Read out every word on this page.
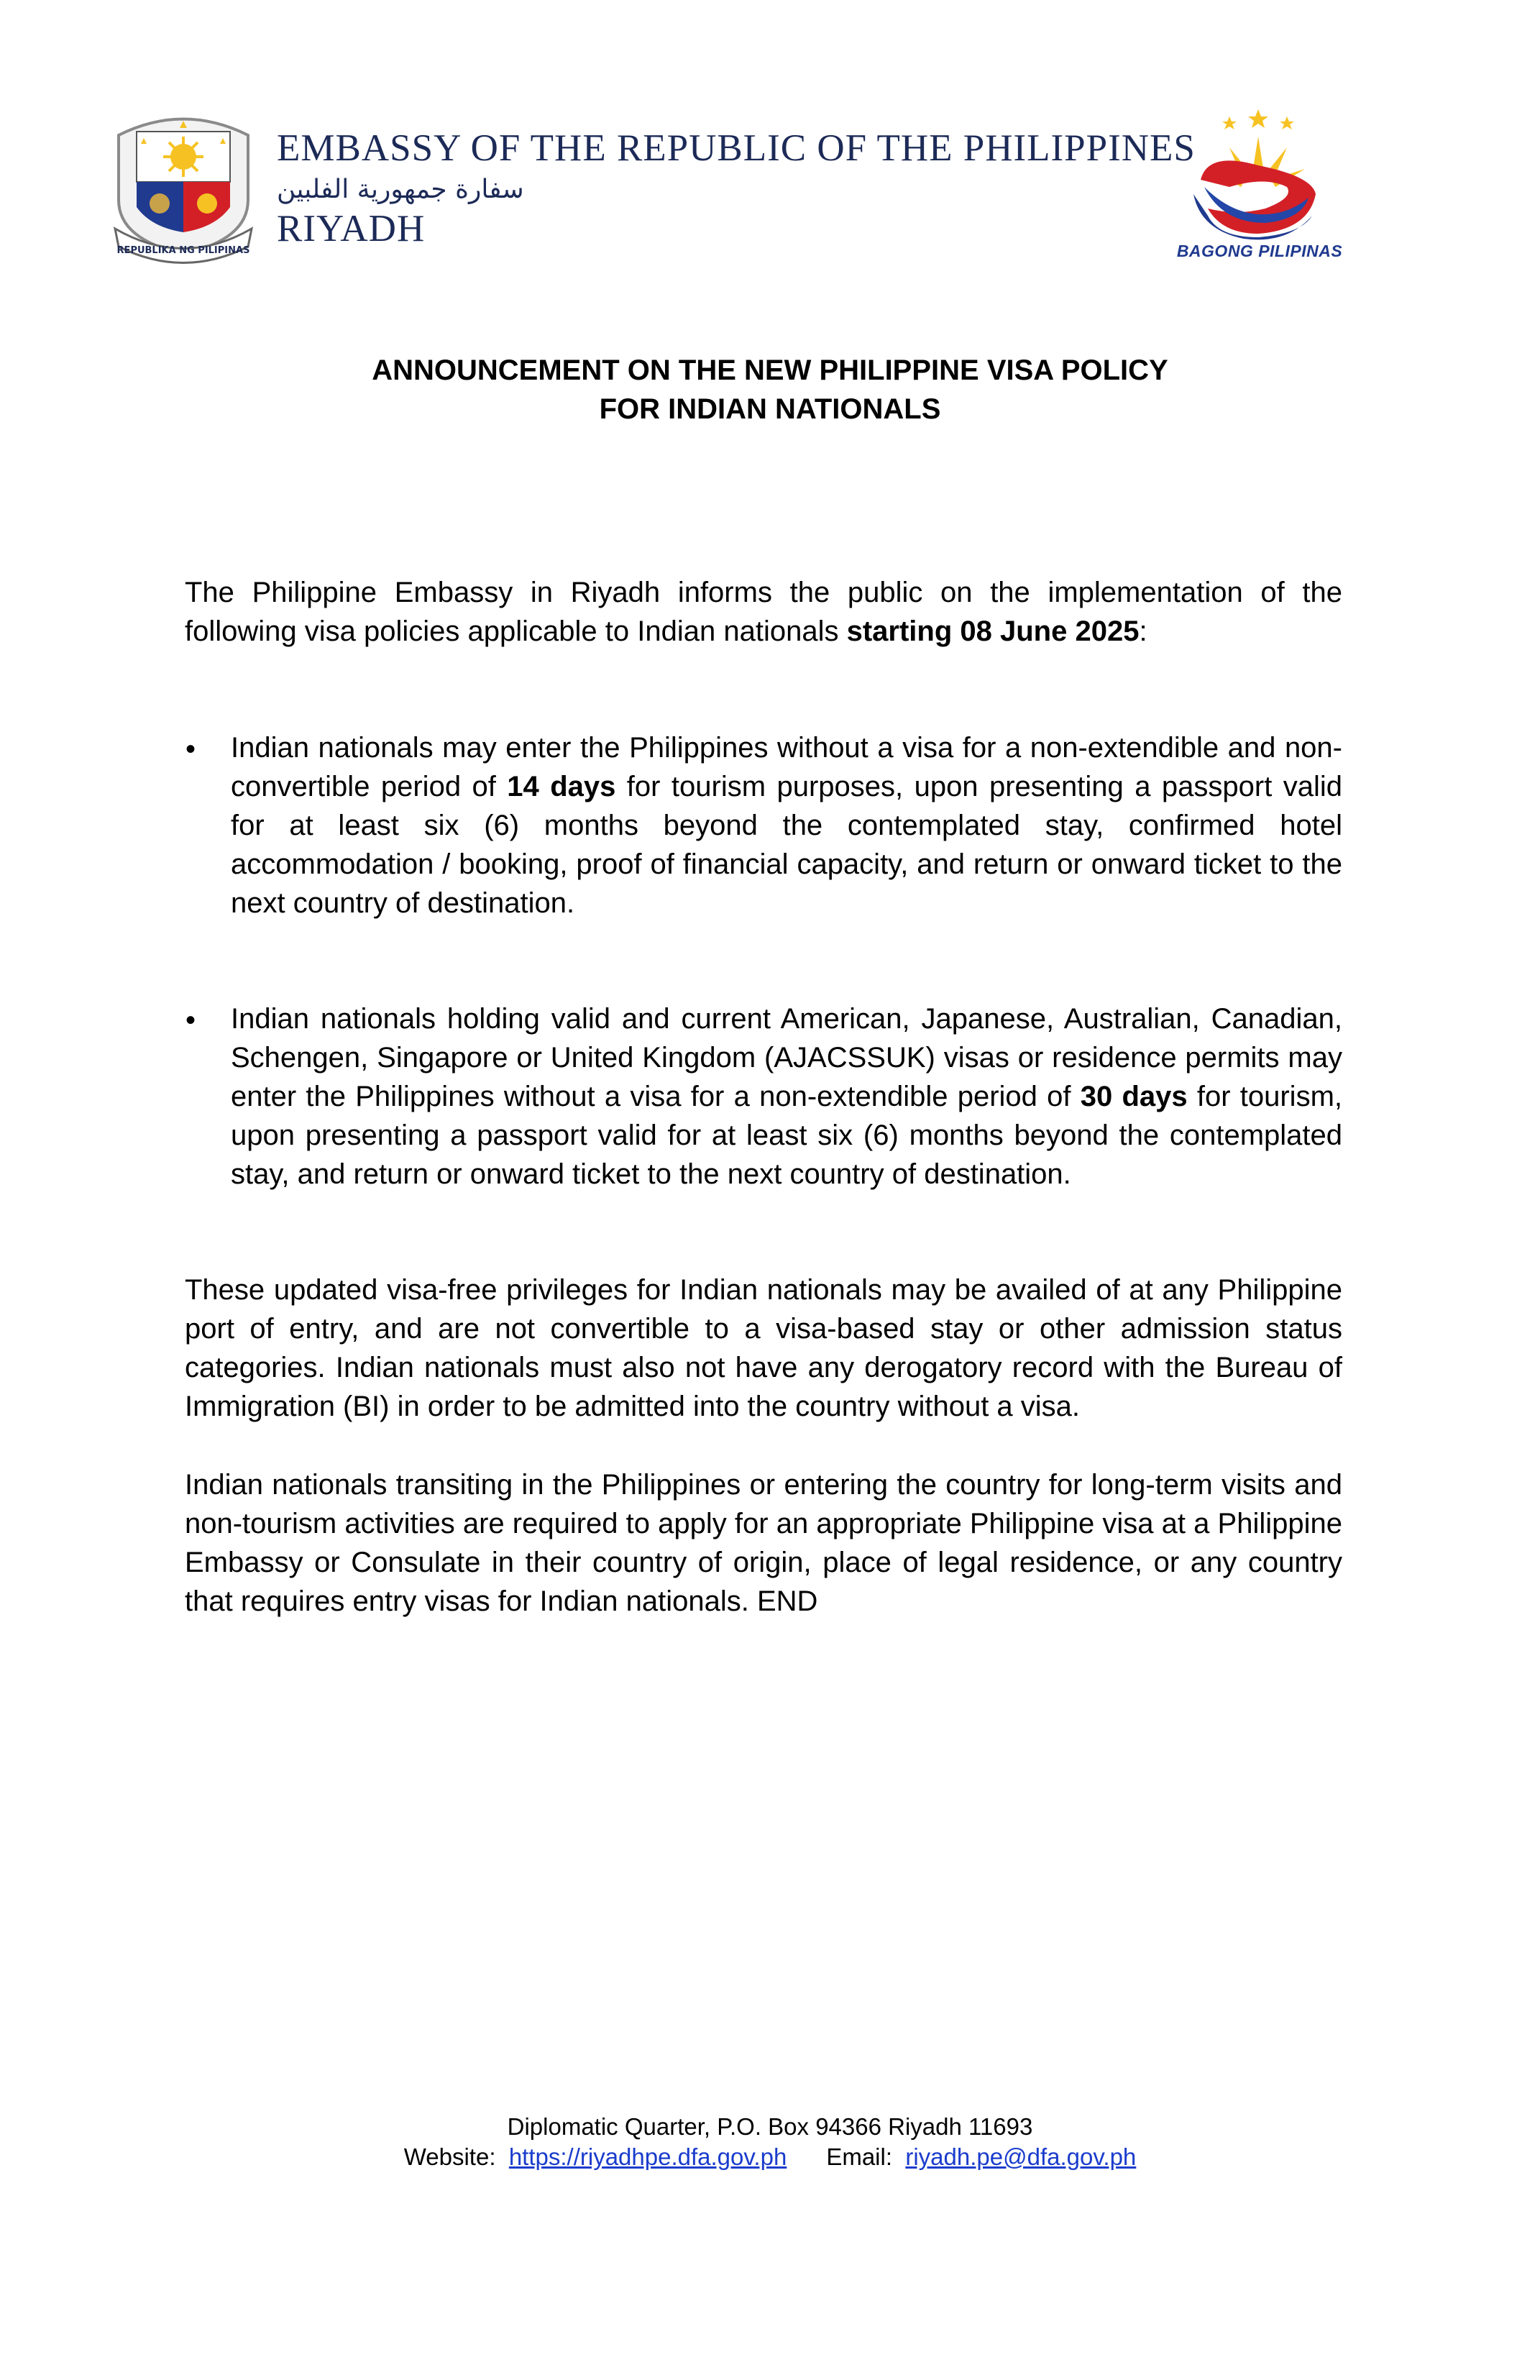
REPUBLIKA NG PILIPINAS
EMBASSY OF THE REPUBLIC OF THE PHILIPPINES
سفارة جمهورية الفلبين
RIYADH
BAGONG PILIPINAS
ANNOUNCEMENT ON THE NEW PHILIPPINE VISA POLICY
FOR INDIAN NATIONALS
The Philippine Embassy in Riyadh informs the public on the implementation of the following visa policies applicable to Indian nationals starting 08 June 2025:
• Indian nationals may enter the Philippines without a visa for a non-extendible and non-convertible period of 14 days for tourism purposes, upon presenting a passport valid for at least six (6) months beyond the contemplated stay, confirmed hotel accommodation / booking, proof of financial capacity, and return or onward ticket to the next country of destination.
• Indian nationals holding valid and current American, Japanese, Australian, Canadian, Schengen, Singapore or United Kingdom (AJACSSUK) visas or residence permits may enter the Philippines without a visa for a non-extendible period of 30 days for tourism, upon presenting a passport valid for at least six (6) months beyond the contemplated stay, and return or onward ticket to the next country of destination.
These updated visa-free privileges for Indian nationals may be availed of at any Philippine port of entry, and are not convertible to a visa-based stay or other admission status categories. Indian nationals must also not have any derogatory record with the Bureau of Immigration (BI) in order to be admitted into the country without a visa.
Indian nationals transiting in the Philippines or entering the country for long-term visits and non-tourism activities are required to apply for an appropriate Philippine visa at a Philippine Embassy or Consulate in their country of origin, place of legal residence, or any country that requires entry visas for Indian nationals. END
Diplomatic Quarter, P.O. Box 94366 Riyadh 11693
Website: https://riyadhpe.dfa.gov.ph Email: riyadh.pe@dfa.gov.ph
